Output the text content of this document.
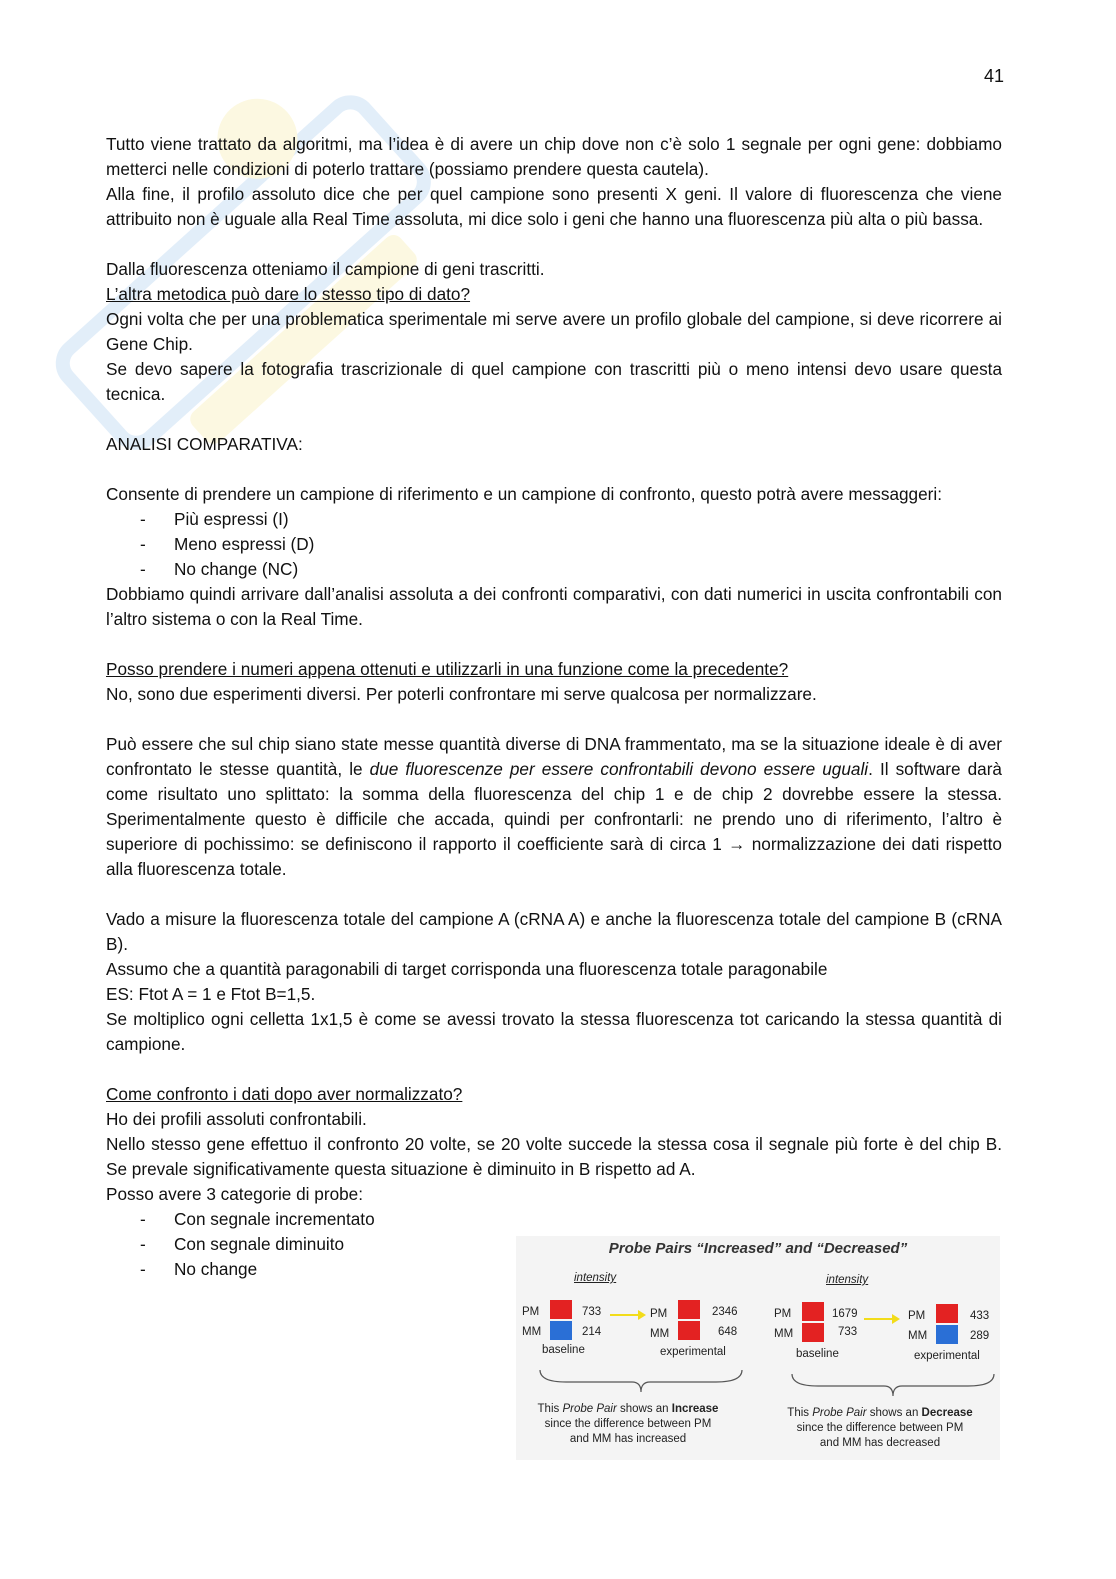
41

Tutto viene trattato da algoritmi, ma l’idea è di avere un chip dove non c’è solo 1 segnale per ogni gene: dobbiamo metterci nelle condizioni di poterlo trattare (possiamo prendere questa cautela).

Alla fine, il profilo assoluto dice che per quel campione sono presenti X geni. Il valore di fluorescenza che viene attribuito non è uguale alla Real Time assoluta, mi dice solo i geni che hanno una fluorescenza più alta o più bassa.

Dalla fluorescenza otteniamo il campione di geni trascritti.

L’altra metodica può dare lo stesso tipo di dato?

Ogni volta che per una problematica sperimentale mi serve avere un profilo globale del campione, si deve ricorrere ai Gene Chip.

Se devo sapere la fotografia trascrizionale di quel campione con trascritti più o meno intensi devo usare questa tecnica.

ANALISI COMPARATIVA:

Consente di prendere un campione di riferimento e un campione di confronto, questo potrà avere messaggeri:

- Più espressi (I)
- Meno espressi (D)
- No change (NC)

Dobbiamo quindi arrivare dall’analisi assoluta a dei confronti comparativi, con dati numerici in uscita confrontabili con l’altro sistema o con la Real Time.

Posso prendere i numeri appena ottenuti e utilizzarli in una funzione come la precedente?

No, sono due esperimenti diversi. Per poterli confrontare mi serve qualcosa per normalizzare.

Può essere che sul chip siano state messe quantità diverse di DNA frammentato, ma se la situazione ideale è di aver confrontato le stesse quantità, le due fluorescenze per essere confrontabili devono essere uguali. Il software darà come risultato uno splittato: la somma della fluorescenza del chip 1 e de chip 2 dovrebbe essere la stessa. Sperimentalmente questo è difficile che accada, quindi per confrontarli: ne prendo uno di riferimento, l’altro è superiore di pochissimo: se definiscono il rapporto il coefficiente sarà di circa 1 → normalizzazione dei dati rispetto alla fluorescenza totale.

Vado a misure la fluorescenza totale del campione A (cRNA A) e anche la fluorescenza totale del campione B (cRNA B).

Assumo che a quantità paragonabili di target corrisponda una fluorescenza totale paragonabile

ES: Ftot A = 1 e Ftot B=1,5.

Se moltiplico ogni celletta 1x1,5 è come se avessi trovato la stessa fluorescenza tot caricando la stessa quantità di campione.

Come confronto i dati dopo aver normalizzato?

Ho dei profili assoluti confrontabili.

Nello stesso gene effettuo il confronto 20 volte, se 20 volte succede la stessa cosa il segnale più forte è del chip B. Se prevale significativamente questa situazione è diminuito in B rispetto ad A.

Posso avere 3 categorie di probe:

- Con segnale incrementato
- Con segnale diminuito
- No change
Probe Pairs “Increased” and “Decreased”
intensity
PM
MM
733
214
baseline
PM
MM
2346
648
experimental
This Probe Pair shows an Increase
since the difference between PM
and MM has increased
intensity
PM
MM
1679
733
baseline
PM
MM
433
289
experimental
This Probe Pair shows an Decrease
since the difference between PM
and MM has decreased
